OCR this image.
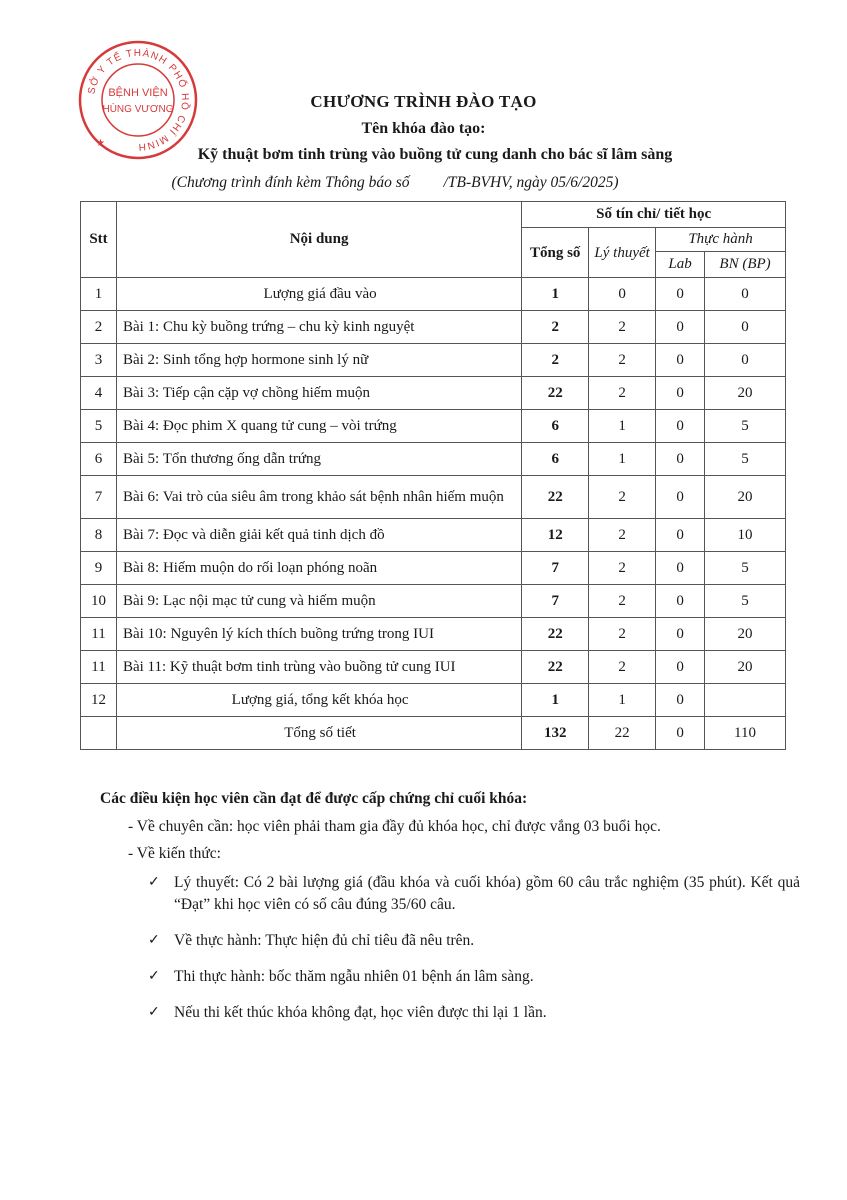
SỞ Y TẾ THÀNH PHỐ HỒ CHÍ MINH
BỆNH VIỆN
HÙNG VƯƠNG
★
CHƯƠNG TRÌNH ĐÀO TẠO
Tên khóa đào tạo:
Kỹ thuật bơm tinh trùng vào buồng tử cung danh cho bác sĩ lâm sàng
(Chương trình đính kèm Thông báo số /TB-BVHV, ngày 05/6/2025)
Stt	Nội dung	Số tín chỉ/ tiết học			
		Tổng số	Lý thuyết	Thực hành	
				Lab	BN (BP)
1	Lượng giá đầu vào	1	0	0	0
2	Bài 1: Chu kỳ buồng trứng – chu kỳ kinh nguyệt	2	2	0	0
3	Bài 2: Sinh tổng hợp hormone sinh lý nữ	2	2	0	0
4	Bài 3: Tiếp cận cặp vợ chồng hiếm muộn	22	2	0	20
5	Bài 4: Đọc phim X quang tử cung – vòi trứng	6	1	0	5
6	Bài 5: Tổn thương ống dẫn trứng	6	1	0	5
7	Bài 6: Vai trò của siêu âm trong khảo sát bệnh nhân hiếm muộn	22	2	0	20
8	Bài 7: Đọc và diễn giải kết quả tinh dịch đồ	12	2	0	10
9	Bài 8: Hiếm muộn do rối loạn phóng noãn	7	2	0	5
10	Bài 9: Lạc nội mạc tử cung và hiếm muộn	7	2	0	5
11	Bài 10: Nguyên lý kích thích buồng trứng trong IUI	22	2	0	20
11	Bài 11: Kỹ thuật bơm tinh trùng vào buồng tử cung IUI	22	2	0	20
12	Lượng giá, tổng kết khóa học	1	1	0	
	Tổng số tiết	132	22	0	110
Các điều kiện học viên cần đạt để được cấp chứng chỉ cuối khóa:
- Về chuyên cần: học viên phải tham gia đầy đủ khóa học, chỉ được vắng 03 buổi học.
- Về kiến thức:
✓ Lý thuyết: Có 2 bài lượng giá (đầu khóa và cuối khóa) gồm 60 câu trắc nghiệm (35 phút). Kết quả “Đạt” khi học viên có số câu đúng 35/60 câu.
✓ Về thực hành: Thực hiện đủ chỉ tiêu đã nêu trên.
✓ Thi thực hành: bốc thăm ngẫu nhiên 01 bệnh án lâm sàng.
✓ Nếu thi kết thúc khóa không đạt, học viên được thi lại 1 lần.
